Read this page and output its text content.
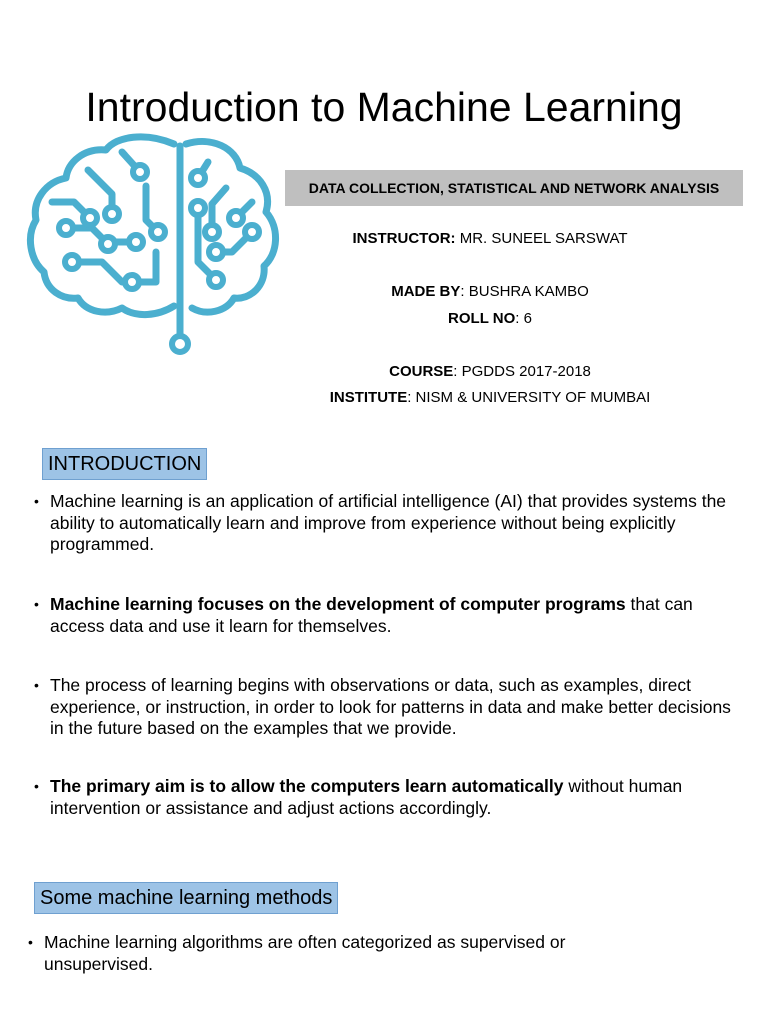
Introduction to Machine Learning
DATA COLLECTION, STATISTICAL AND NETWORK ANALYSIS
INSTRUCTOR: MR. SUNEEL SARSWAT
MADE BY: BUSHRA KAMBO
ROLL NO: 6
COURSE: PGDDS 2017-2018
INSTITUTE: NISM & UNIVERSITY OF MUMBAI
INTRODUCTION
• Machine learning is an application of artificial intelligence (AI) that provides systems the ability to automatically learn and improve from experience without being explicitly programmed.
• Machine learning focuses on the development of computer programs that can access data and use it learn for themselves.
• The process of learning begins with observations or data, such as examples, direct experience, or instruction, in order to look for patterns in data and make better decisions in the future based on the examples that we provide.
• The primary aim is to allow the computers learn automatically without human intervention or assistance and adjust actions accordingly.
Some machine learning methods
• Machine learning algorithms are often categorized as supervised or unsupervised.
